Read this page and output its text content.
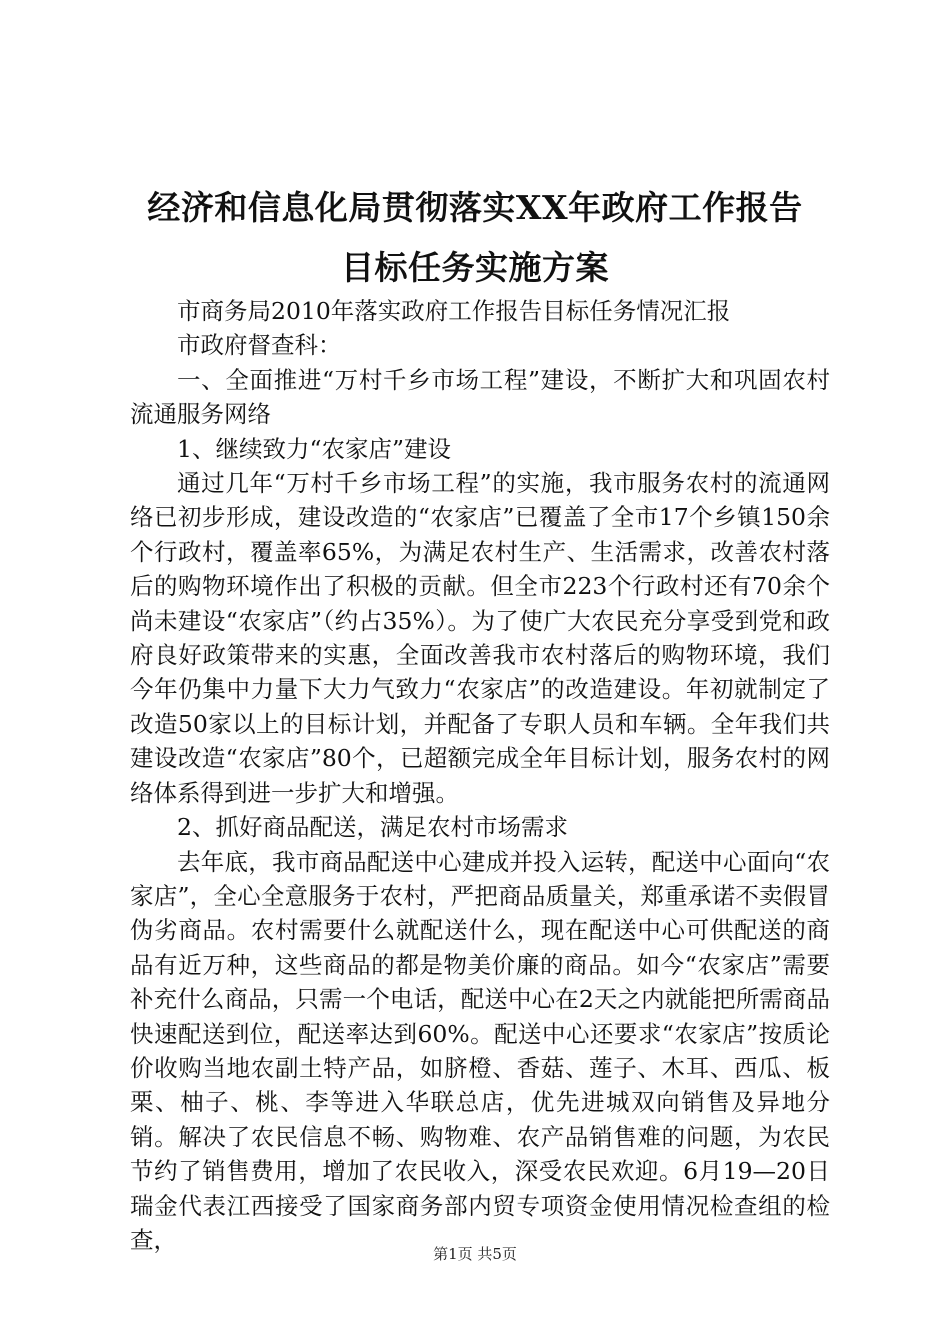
经济和信息化局贯彻落实XX年政府工作报告
目标任务实施方案

市商务局2010年落实政府工作报告目标任务情况汇报

市政府督查科：

一、全面推进“万村千乡市场工程”建设，不断扩大和巩固农村流通服务网络

1、继续致力“农家店”建设

通过几年“万村千乡市场工程”的实施，我市服务农村的流通网络已初步形成，建设改造的“农家店”已覆盖了全市17个乡镇150余个行政村，覆盖率65%，为满足农村生产、生活需求，改善农村落后的购物环境作出了积极的贡献。但全市223个行政村还有70余个尚未建设“农家店”（约占35%）。为了使广大农民充分享受到党和政府良好政策带来的实惠，全面改善我市农村落后的购物环境，我们今年仍集中力量下大力气致力“农家店”的改造建设。年初就制定了改造50家以上的目标计划，并配备了专职人员和车辆。全年我们共建设改造“农家店”80个，已超额完成全年目标计划，服务农村的网络体系得到进一步扩大和增强。

2、抓好商品配送，满足农村市场需求

去年底，我市商品配送中心建成并投入运转，配送中心面向“农家店”，全心全意服务于农村，严把商品质量关，郑重承诺不卖假冒伪劣商品。农村需要什么就配送什么，现在配送中心可供配送的商品有近万种，这些商品的都是物美价廉的商品。如今“农家店”需要补充什么商品，只需一个电话，配送中心在2天之内就能把所需商品快速配送到位，配送率达到60%。配送中心还要求“农家店”按质论价收购当地农副土特产品，如脐橙、香菇、莲子、木耳、西瓜、板栗、柚子、桃、李等进入华联总店，优先进城双向销售及异地分销。解决了农民信息不畅、购物难、农产品销售难的问题，为农民节约了销售费用，增加了农民收入，深受农民欢迎。6月19—20日瑞金代表江西接受了国家商务部内贸专项资金使用情况检查组的检查，

第1页 共5页
